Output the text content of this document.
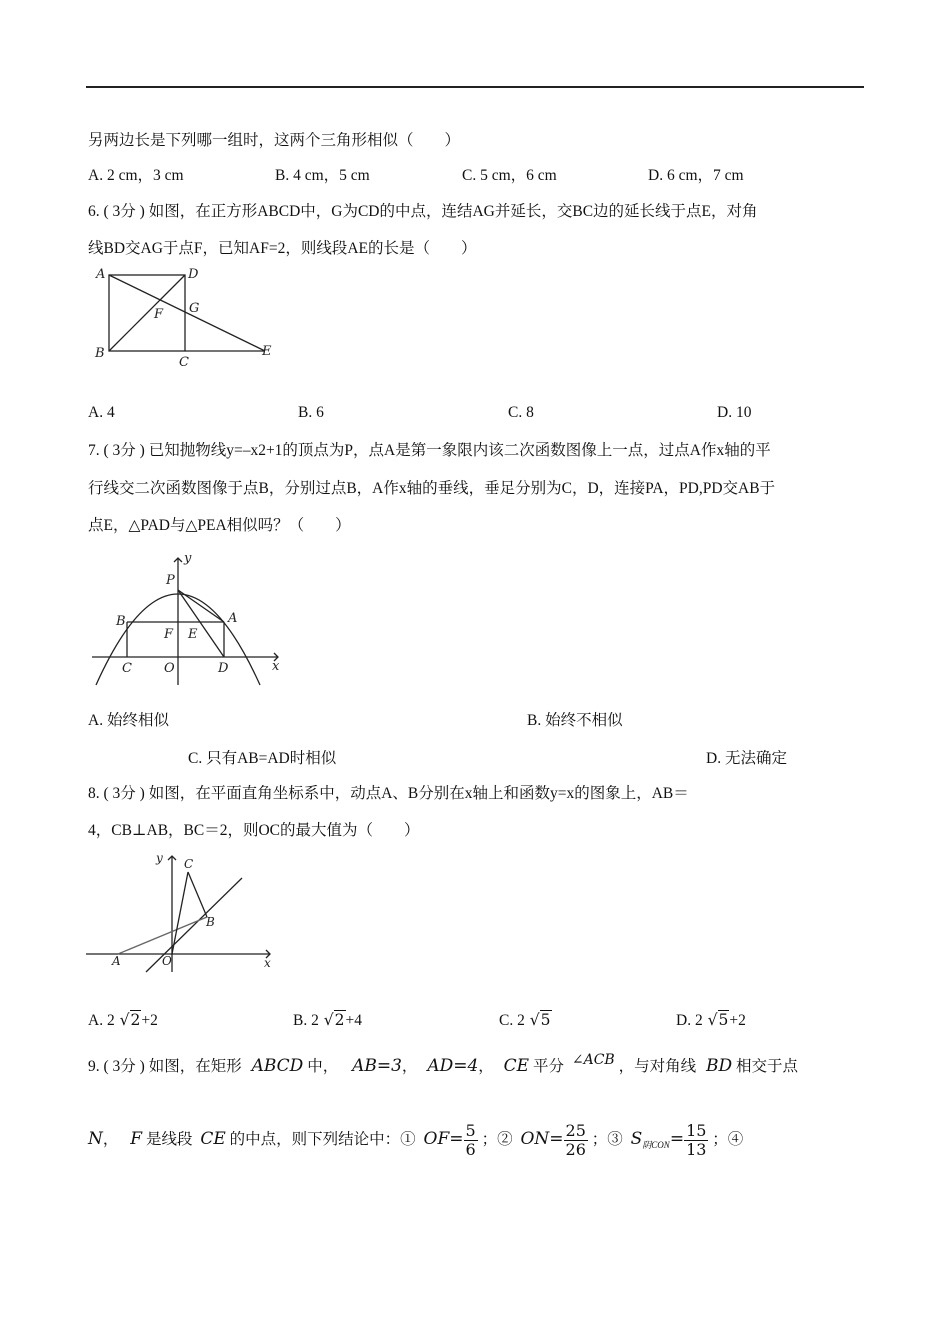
另两边长是下列哪一组时，这两个三角形相似（　　）
A. 2 cm，3 cm	B. 4 cm，5 cm	C. 5 cm，6 cm	D. 6 cm，7 cm
6. ( 3分 ) 如图，在正方形ABCD中，G为CD的中点，连结AG并延长，交BC边的延长线于点E，对角
线BD交AG于点F，已知AF=2，则线段AE的长是（　　）
A	D
G
F
B
C
E
A. 4	B. 6	C. 8	D. 10
7. ( 3分 ) 已知抛物线y=–x2+1的顶点为P，点A是第一象限内该二次函数图像上一点，过点A作x轴的平
行线交二次函数图像于点B，分别过点B，A作x轴的垂线，垂足分别为C，D，连接PA，PD,PD交AB于
点E，△PAD与△PEA相似吗？（　　）
y
P
B	A
F E
C O	D	x
A. 始终相似	B. 始终不相似
C. 只有AB=AD时相似	D. 无法确定
8. ( 3分 ) 如图，在平面直角坐标系中，动点A、B分别在x轴上和函数y=x的图象上，AB＝
4，CB⊥AB，BC＝2，则OC的最大值为（　　）
y C
B
A	O	x
A. 2 √2+2	B. 2 √2+4	C. 2 √5	D. 2 √5+2
9. ( 3分 ) 如图，在矩形 ABCD 中， AB=3， AD=4， CE 平分 ∠ACB ，与对角线 BD 相交于点
N， F 是线段 CE 的中点，则下列结论中：① $OF= \frac{5}{6}$ ；② $ON= \frac{25}{26}$ ；③ $S_{阴CON}= \frac{15}{13}$ ；④
